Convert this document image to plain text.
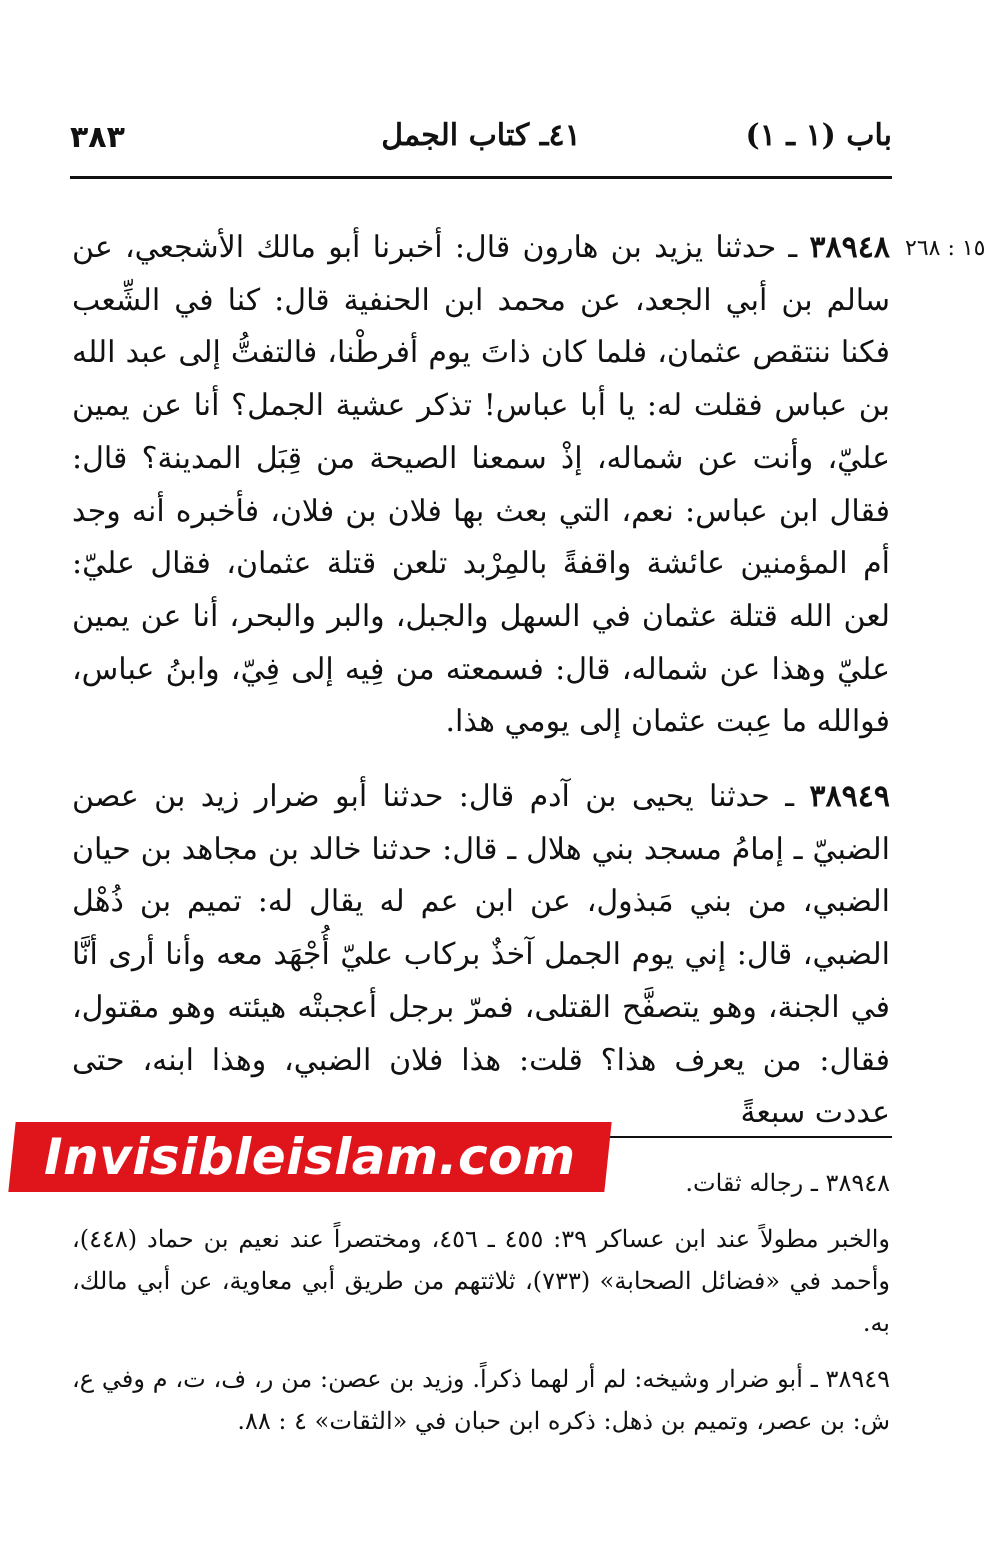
٣٨٣	٤١ـ كتاب الجمل	باب (١ ـ ١)
١٥ : ٢٦٨

٣٨٩٤٨ ـ حدثنا يزيد بن هارون قال: أخبرنا أبو مالك الأشجعي، عن سالم بن أبي الجعد، عن محمد ابن الحنفية قال: كنا في الشِّعب فكنا ننتقص عثمان، فلما كان ذاتَ يوم أفرطْنا، فالتفتُّ إلى عبد الله بن عباس فقلت له: يا أبا عباس! تذكر عشية الجمل؟ أنا عن يمين عليّ، وأنت عن شماله، إذْ سمعنا الصيحة من قِبَل المدينة؟ قال: فقال ابن عباس: نعم، التي بعث بها فلان بن فلان، فأخبره أنه وجد أم المؤمنين عائشة واقفةً بالمِرْبد تلعن قتلة عثمان، فقال عليّ: لعن الله قتلة عثمان في السهل والجبل، والبر والبحر، أنا عن يمين عليّ وهذا عن شماله، قال: فسمعته من فِيه إلى فِيّ، وابنُ عباس، فوالله ما عِبت عثمان إلى يومي هذا.

٣٨٩٤٩ ـ حدثنا يحيى بن آدم قال: حدثنا أبو ضرار زيد بن عصن الضبيّ ـ إمامُ مسجد بني هلال ـ قال: حدثنا خالد بن مجاهد بن حيان الضبي، من بني مَبذول، عن ابن عم له يقال له: تميم بن ذُهْل الضبي، قال: إني يوم الجمل آخذٌ بركاب عليّ أُجْهَد معه وأنا أرى أنَّا في الجنة، وهو يتصفَّح القتلى، فمرّ برجل أعجبتْه هيئته وهو مقتول، فقال: من يعرف هذا؟ قلت: هذا فلان الضبي، وهذا ابنه، حتى عددت سبعةً

٣٨٩٤٨ ـ رجاله ثقات.

والخبر مطولاً عند ابن عساكر ٣٩: ٤٥٥ ـ ٤٥٦، ومختصراً عند نعيم بن حماد (٤٤٨)، وأحمد في «فضائل الصحابة» (٧٣٣)، ثلاثتهم من طريق أبي معاوية، عن أبي مالك، به.

٣٨٩٤٩ ـ أبو ضرار وشيخه: لم أر لهما ذكراً. وزيد بن عصن: من ر، ف، ت، م وفي ع، ش: بن عصر، وتميم بن ذهل: ذكره ابن حبان في «الثقات» ٤ : ٨٨.

Invisibleislam.com
